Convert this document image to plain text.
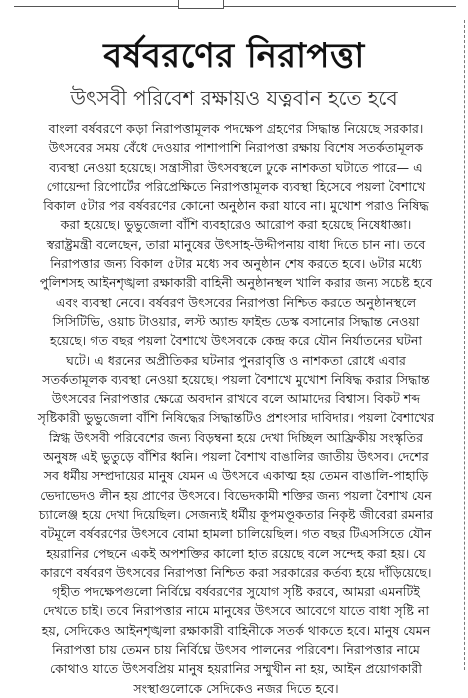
বর্ষবরণের নিরাপত্তা
উৎসবী পরিবেশ রক্ষায়ও যত্নবান হতে হবে
বাংলা বর্ষবরণে কড়া নিরাপত্তামূলক পদক্ষেপ গ্রহণের সিদ্ধান্ত নিয়েছে সরকার।
উৎসবের সময় বেঁধে দেওয়ার পাশাপাশি নিরাপত্তা রক্ষায় বিশেষ সতর্কতামূলক
ব্যবস্থা নেওয়া হয়েছে। সন্ত্রাসীরা উৎসবস্থলে ঢুকে নাশকতা ঘটাতে পারে— এ
গোয়েন্দা রিপোর্টের পরিপ্রেক্ষিতে নিরাপত্তামূলক ব্যবস্থা হিসেবে পয়লা বৈশাখে
বিকাল ৫টার পর বর্ষবরণের কোনো অনুষ্ঠান করা যাবে না। মুখোশ পরাও নিষিদ্ধ
করা হয়েছে। ভুভুজেলা বাঁশি ব্যবহারেও আরোপ করা হয়েছে নিষেধাজ্ঞা।
স্বরাষ্ট্রমন্ত্রী বলেছেন, তারা মানুষের উৎসাহ-উদ্দীপনায় বাধা দিতে চান না। তবে
নিরাপত্তার জন্য বিকাল ৫টার মধ্যে সব অনুষ্ঠান শেষ করতে হবে। ৬টার মধ্যে
পুলিশসহ আইনশৃঙ্খলা রক্ষাকারী বাহিনী অনুষ্ঠানস্থল খালি করার জন্য সচেষ্ট হবে
এবং ব্যবস্থা নেবে। বর্ষবরণ উৎসবের নিরাপত্তা নিশ্চিত করতে অনুষ্ঠানস্থলে
সিসিটিভি, ওয়াচ টাওয়ার, লস্ট অ্যান্ড ফাইন্ড ডেস্ক বসানোর সিদ্ধান্ত নেওয়া
হয়েছে। গত বছর পয়লা বৈশাখে উৎসবকে কেন্দ্র করে যৌন নির্যাতনের ঘটনা
ঘটে। এ ধরনের অপ্রীতিকর ঘটনার পুনরাবৃত্তি ও নাশকতা রোধে এবার
সতর্কতামূলক ব্যবস্থা নেওয়া হয়েছে। পয়লা বৈশাখে মুখোশ নিষিদ্ধ করার সিদ্ধান্ত
উৎসবের নিরাপত্তার ক্ষেত্রে অবদান রাখবে বলে আমাদের বিশ্বাস। বিকট শব্দ
সৃষ্টিকারী ভুভুজেলা বাঁশি নিষিদ্ধের সিদ্ধান্তটিও প্রশংসার দাবিদার। পয়লা বৈশাখের
স্নিগ্ধ উৎসবী পরিবেশের জন্য বিড়ম্বনা হয়ে দেখা দিচ্ছিল আফ্রিকীয় সংস্কৃতির
অনুষঙ্গ এই ভুতুড়ে বাঁশির ধ্বনি। পয়লা বৈশাখ বাঙালির জাতীয় উৎসব। দেশের
সব ধর্মীয় সম্প্রদায়ের মানুষ যেমন এ উৎসবে একাত্ম হয় তেমন বাঙালি-পাহাড়ি
ভেদাভেদও লীন হয় প্রাণের উৎসবে। বিভেদকামী শক্তির জন্য পয়লা বৈশাখ যেন
চ্যালেঞ্জ হয়ে দেখা দিয়েছিল। সেজন্যই ধর্মীয় কূপমণ্ডূকতার নিকৃষ্ট জীবেরা রমনার
বটমূলে বর্ষবরণের উৎসবে বোমা হামলা চালিয়েছিল। গত বছর টিএসসিতে যৌন
হয়রানির পেছনে একই অপশক্তির কালো হাত রয়েছে বলে সন্দেহ করা হয়। যে
কারণে বর্ষবরণ উৎসবের নিরাপত্তা নিশ্চিত করা সরকারের কর্তব্য হয়ে দাঁড়িয়েছে।
গৃহীত পদক্ষেপগুলো নির্বিঘ্নে বর্ষবরণের সুযোগ সৃষ্টি করবে, আমরা এমনটিই
দেখতে চাই। তবে নিরাপত্তার নামে মানুষের উৎসবে আবেগে যাতে বাধা সৃষ্টি না
হয়, সেদিকেও আইনশৃঙ্খলা রক্ষাকারী বাহিনীকে সতর্ক থাকতে হবে। মানুষ যেমন
নিরাপত্তা চায় তেমন চায় নির্বিঘ্নে উৎসব পালনের পরিবেশ। নিরাপত্তার নামে
কোথাও যাতে উৎসবপ্রিয় মানুষ হয়রানির সম্মুখীন না হয়, আইন প্রয়োগকারী
সংস্থাগুলোকে সেদিকেও নজর দিতে হবে।
